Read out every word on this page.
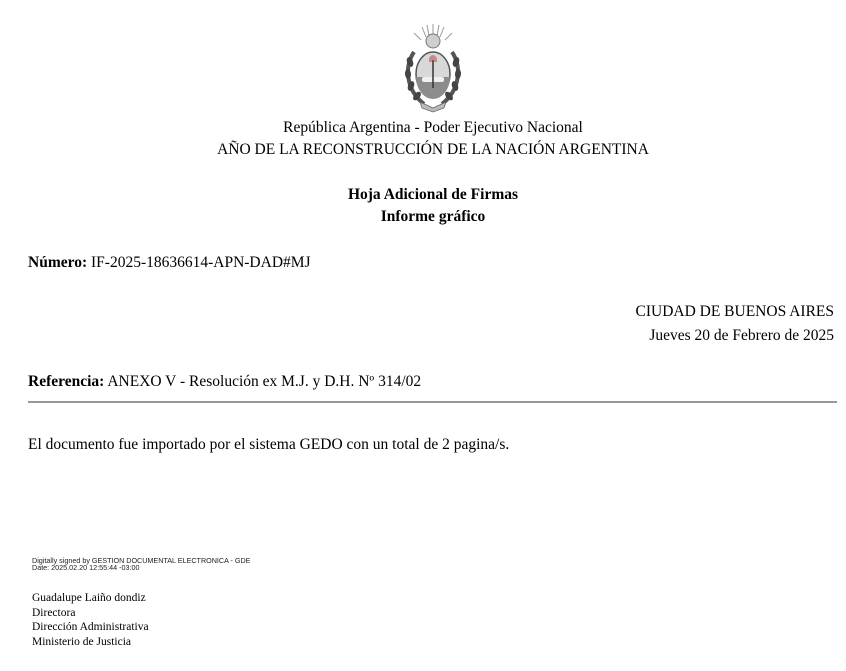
República Argentina - Poder Ejecutivo Nacional
AÑO DE LA RECONSTRUCCIÓN DE LA NACIÓN ARGENTINA
Hoja Adicional de Firmas
Informe gráfico
Número: IF-2025-18636614-APN-DAD#MJ
CIUDAD DE BUENOS AIRES
Jueves 20 de Febrero de 2025
Referencia: ANEXO V - Resolución ex M.J. y D.H. Nº 314/02
El documento fue importado por el sistema GEDO con un total de 2 pagina/s.
Digitally signed by GESTION DOCUMENTAL ELECTRONICA - GDE
Date: 2025.02.20 12:55:44 -03:00
Guadalupe Laiño dondiz
Directora
Dirección Administrativa
Ministerio de Justicia
